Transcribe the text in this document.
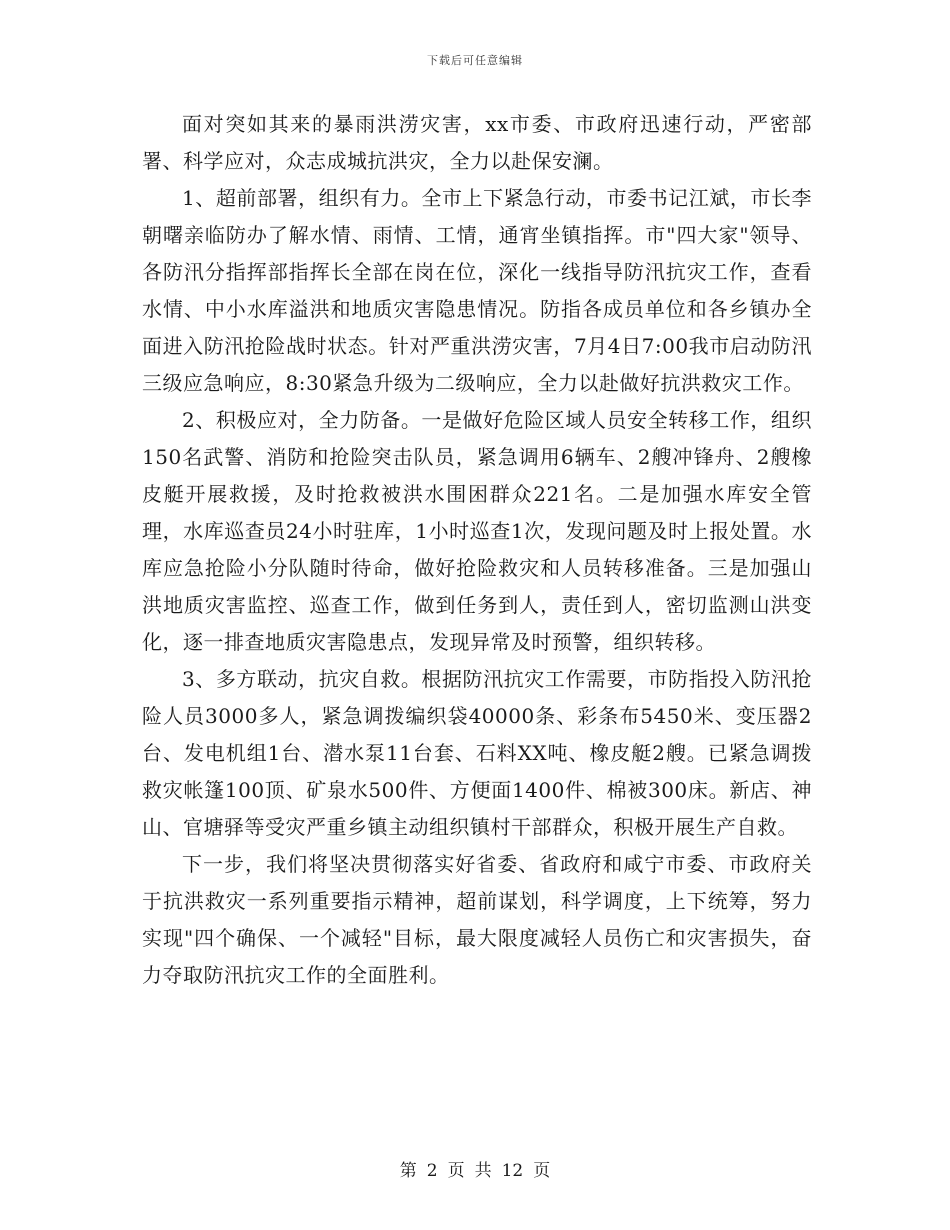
下载后可任意编辑

面对突如其来的暴雨洪涝灾害，xx市委、市政府迅速行动，严密部署、科学应对，众志成城抗洪灾，全力以赴保安澜。

1、超前部署，组织有力。全市上下紧急行动，市委书记江斌，市长李朝曙亲临防办了解水情、雨情、工情，通宵坐镇指挥。市"四大家"领导、各防汛分指挥部指挥长全部在岗在位，深化一线指导防汛抗灾工作，查看水情、中小水库溢洪和地质灾害隐患情况。防指各成员单位和各乡镇办全面进入防汛抢险战时状态。针对严重洪涝灾害，7月4日7:00我市启动防汛三级应急响应，8:30紧急升级为二级响应，全力以赴做好抗洪救灾工作。

2、积极应对，全力防备。一是做好危险区域人员安全转移工作，组织150名武警、消防和抢险突击队员，紧急调用6辆车、2艘冲锋舟、2艘橡皮艇开展救援，及时抢救被洪水围困群众221名。二是加强水库安全管理，水库巡查员24小时驻库，1小时巡查1次，发现问题及时上报处置。水库应急抢险小分队随时待命，做好抢险救灾和人员转移准备。三是加强山洪地质灾害监控、巡查工作，做到任务到人，责任到人，密切监测山洪变化，逐一排查地质灾害隐患点，发现异常及时预警，组织转移。

3、多方联动，抗灾自救。根据防汛抗灾工作需要，市防指投入防汛抢险人员3000多人，紧急调拨编织袋40000条、彩条布5450米、变压器2台、发电机组1台、潜水泵11台套、石料XX吨、橡皮艇2艘。已紧急调拨救灾帐篷100顶、矿泉水500件、方便面1400件、棉被300床。新店、神山、官塘驿等受灾严重乡镇主动组织镇村干部群众，积极开展生产自救。

下一步，我们将坚决贯彻落实好省委、省政府和咸宁市委、市政府关于抗洪救灾一系列重要指示精神，超前谋划，科学调度，上下统筹，努力实现"四个确保、一个减轻"目标，最大限度减轻人员伤亡和灾害损失，奋力夺取防汛抗灾工作的全面胜利。

第 2 页 共 12 页
